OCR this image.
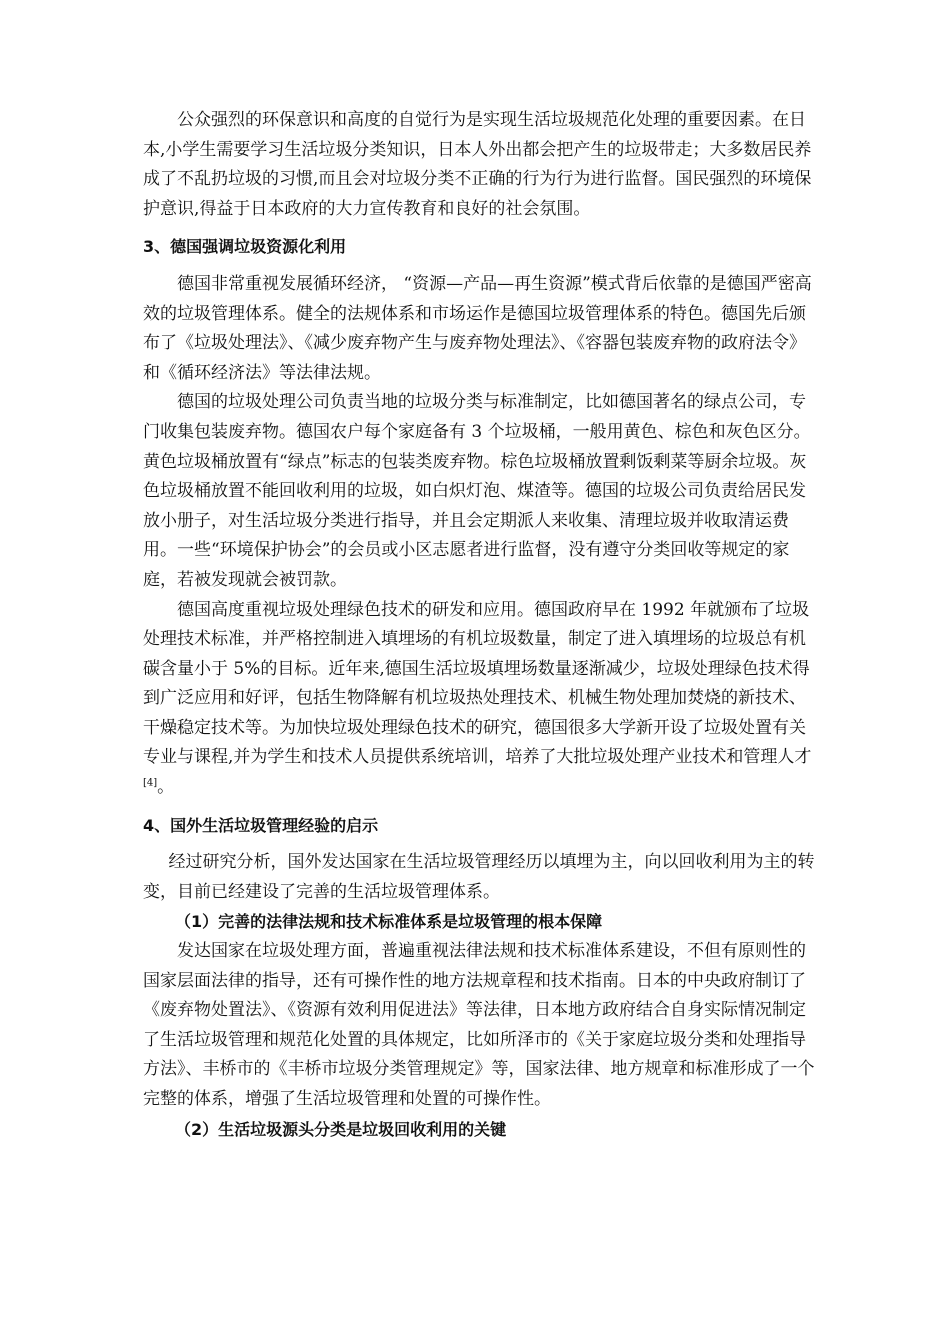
公众强烈的环保意识和高度的自觉行为是实现生活垃圾规范化处理的重要因素。在日本,小学生需要学习生活垃圾分类知识，日本人外出都会把产生的垃圾带走；大多数居民养成了不乱扔垃圾的习惯,而且会对垃圾分类不正确的行为行为进行监督。国民强烈的环境保护意识,得益于日本政府的大力宣传教育和良好的社会氛围。

3、德国强调垃圾资源化利用

德国非常重视发展循环经济， “资源—产品—再生资源”模式背后依靠的是德国严密高效的垃圾管理体系。健全的法规体系和市场运作是德国垃圾管理体系的特色。德国先后颁布了《垃圾处理法》、《减少废弃物产生与废弃物处理法》、《容器包装废弃物的政府法令》和《循环经济法》等法律法规。

德国的垃圾处理公司负责当地的垃圾分类与标准制定，比如德国著名的绿点公司，专门收集包装废弃物。德国农户每个家庭备有 3 个垃圾桶，一般用黄色、棕色和灰色区分。黄色垃圾桶放置有“绿点”标志的包装类废弃物。棕色垃圾桶放置剩饭剩菜等厨余垃圾。灰色垃圾桶放置不能回收利用的垃圾，如白炽灯泡、煤渣等。德国的垃圾公司负责给居民发放小册子，对生活垃圾分类进行指导，并且会定期派人来收集、清理垃圾并收取清运费用。一些“环境保护协会”的会员或小区志愿者进行监督，没有遵守分类回收等规定的家庭，若被发现就会被罚款。

德国高度重视垃圾处理绿色技术的研发和应用。德国政府早在 1992 年就颁布了垃圾处理技术标准，并严格控制进入填埋场的有机垃圾数量，制定了进入填埋场的垃圾总有机碳含量小于 5%的目标。近年来,德国生活垃圾填埋场数量逐渐减少，垃圾处理绿色技术得到广泛应用和好评，包括生物降解有机垃圾热处理技术、机械生物处理加焚烧的新技术、干燥稳定技术等。为加快垃圾处理绿色技术的研究，德国很多大学新开设了垃圾处置有关专业与课程,并为学生和技术人员提供系统培训，培养了大批垃圾处理产业技术和管理人才[4]。

4、国外生活垃圾管理经验的启示

经过研究分析，国外发达国家在生活垃圾管理经历以填埋为主，向以回收利用为主的转变，目前已经建设了完善的生活垃圾管理体系。

（1）完善的法律法规和技术标准体系是垃圾管理的根本保障

发达国家在垃圾处理方面，普遍重视法律法规和技术标准体系建设，不但有原则性的国家层面法律的指导，还有可操作性的地方法规章程和技术指南。日本的中央政府制订了《废弃物处置法》、《资源有效利用促进法》等法律，日本地方政府结合自身实际情况制定了生活垃圾管理和规范化处置的具体规定，比如所泽市的《关于家庭垃圾分类和处理指导方法》、丰桥市的《丰桥市垃圾分类管理规定》等，国家法律、地方规章和标准形成了一个完整的体系，增强了生活垃圾管理和处置的可操作性。

（2）生活垃圾源头分类是垃圾回收利用的关键
